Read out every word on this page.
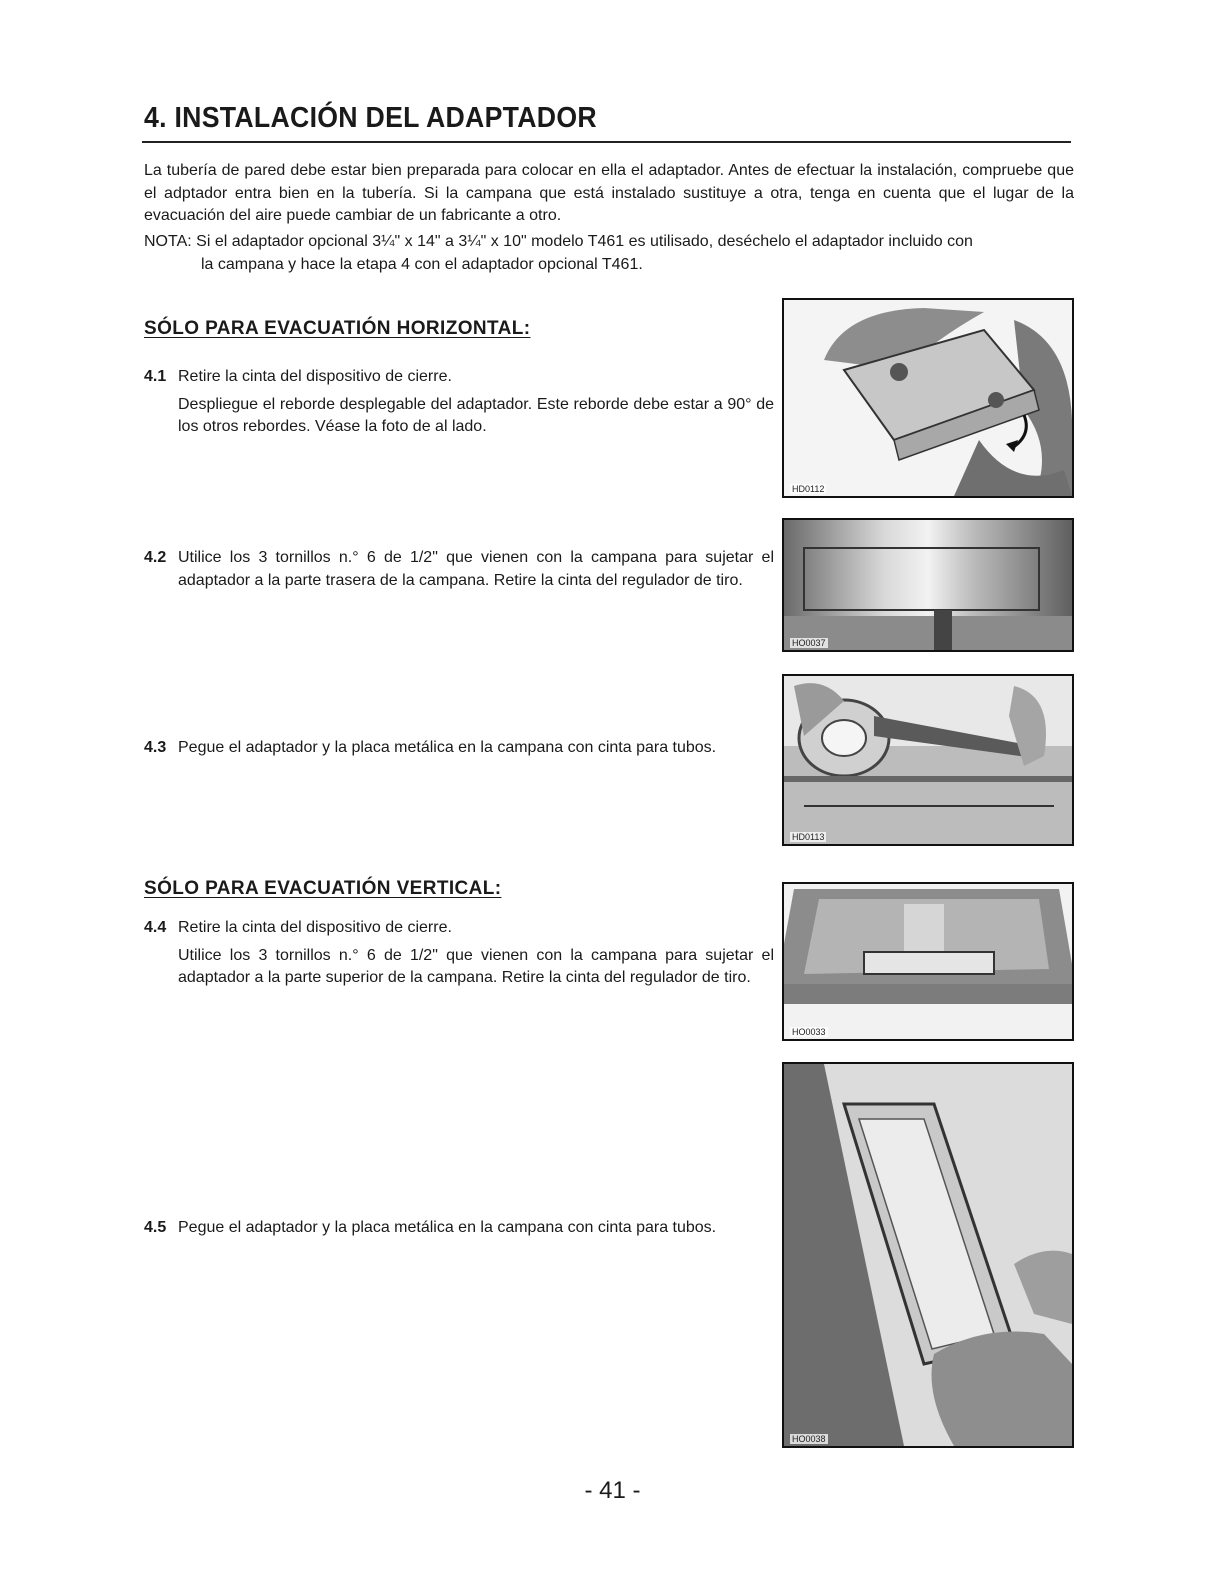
4. INSTALACIÓN DEL ADAPTADOR
La tubería de pared debe estar bien preparada para colocar en ella el adaptador. Antes de efectuar la instalación, compruebe que el adptador entra bien en la tubería. Si la campana que está instalado sustituye a otra, tenga en cuenta que el lugar de la evacuación del aire puede cambiar de un fabricante a otro.
NOTA: Si el adaptador opcional 3¼" x 14" a 3¼" x 10" modelo T461 es utilisado, deséchelo el adaptador incluido con
la campana y hace la etapa 4 con el adaptador opcional T461.
SÓLO PARA EVACUATIÓN HORIZONTAL:
4.1 Retire la cinta del dispositivo de cierre.

Despliegue el reborde desplegable del adaptador. Este reborde debe estar a 90° de los otros rebordes. Véase la foto de al lado.

4.2 Utilice los 3 tornillos n.° 6 de 1/2" que vienen con la campana para sujetar el adaptador a la parte trasera de la campana. Retire la cinta del regulador de tiro.

4.3 Pegue el adaptador y la placa metálica en la campana con cinta para tubos.

SÓLO PARA EVACUATIÓN VERTICAL:
4.4 Retire la cinta del dispositivo de cierre.

Utilice los 3 tornillos n.° 6 de 1/2" que vienen con la campana para sujetar el adaptador a la parte superior de la campana. Retire la cinta del regulador de tiro.

4.5 Pegue el adaptador y la placa metálica en la campana con cinta para tubos.

HD0112
HO0037
HD0113
HO0033
HO0038
- 41 -
